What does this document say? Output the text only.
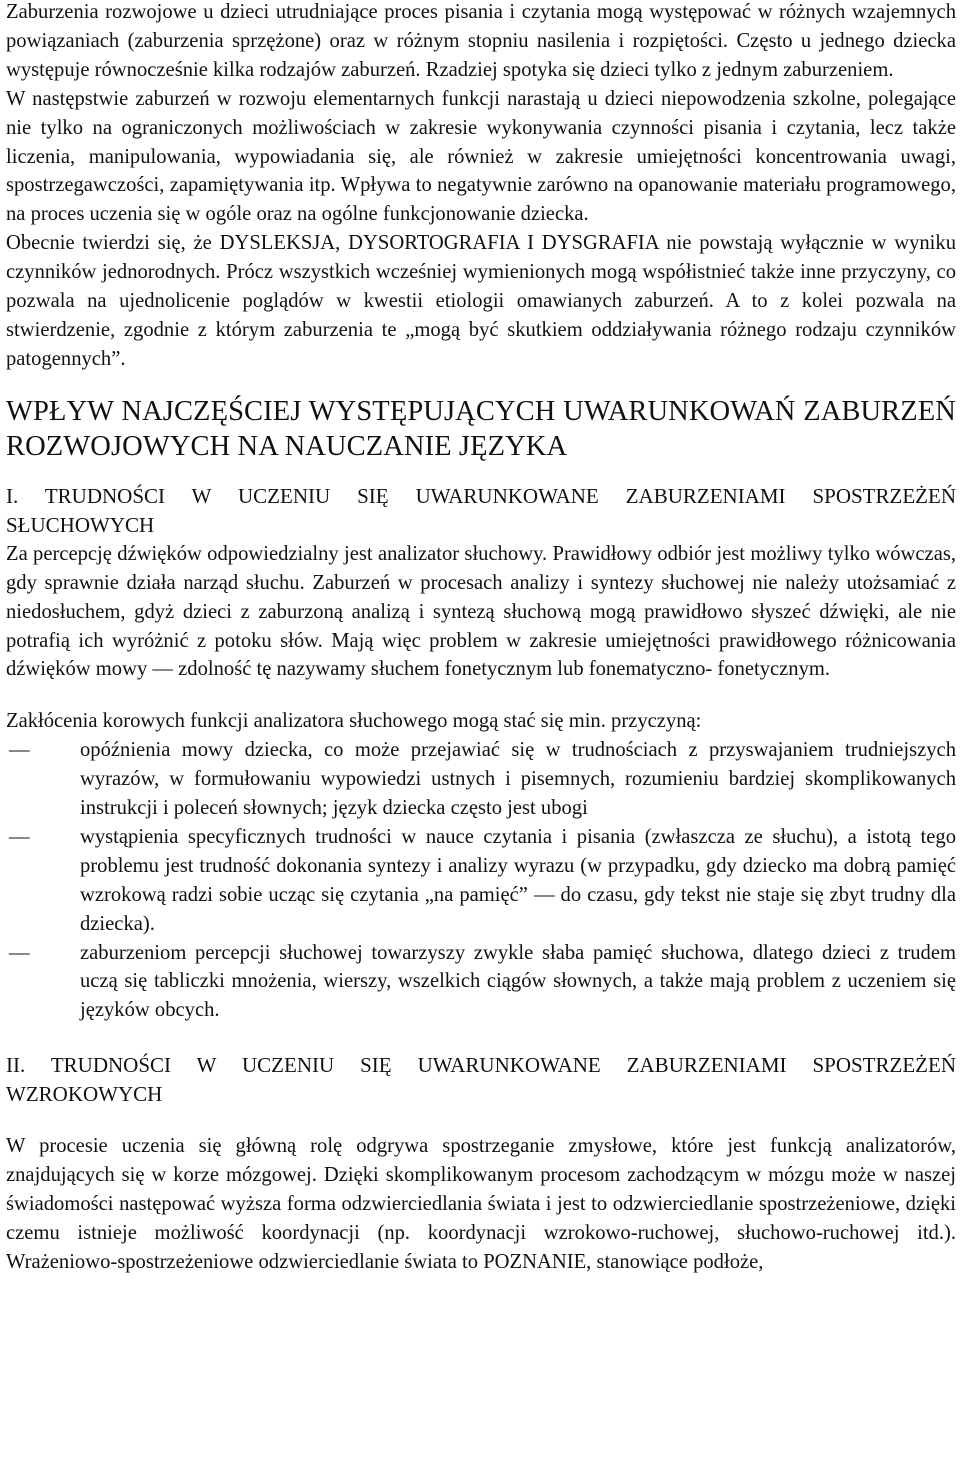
Zaburzenia rozwojowe u dzieci utrudniające proces pisania i czytania mogą występować w różnych wzajemnych powiązaniach (zaburzenia sprzężone) oraz w różnym stopniu nasilenia i rozpiętości. Często u jednego dziecka występuje równocześnie kilka rodzajów zaburzeń. Rzadziej spotyka się dzieci tylko z jednym zaburzeniem.

W następstwie zaburzeń w rozwoju elementarnych funkcji narastają u dzieci niepowodzenia szkolne, polegające nie tylko na ograniczonych możliwościach w zakresie wykonywania czynności pisania i czytania, lecz także liczenia, manipulowania, wypowiadania się, ale również w zakresie umiejętności koncentrowania uwagi, spostrzegawczości, zapamiętywania itp. Wpływa to negatywnie zarówno na opanowanie materiału programowego, na proces uczenia się w ogóle oraz na ogólne funkcjonowanie dziecka.

Obecnie twierdzi się, że DYSLEKSJA, DYSORTOGRAFIA I DYSGRAFIA nie powstają wyłącznie w wyniku czynników jednorodnych. Prócz wszystkich wcześniej wymienionych mogą współistnieć także inne przyczyny, co pozwala na ujednolicenie poglądów w kwestii etiologii omawianych zaburzeń. A to z kolei pozwala na stwierdzenie, zgodnie z którym zaburzenia te „mogą być skutkiem oddziaływania różnego rodzaju czynników patogennych”.

WPŁYW NAJCZĘŚCIEJ WYSTĘPUJĄCYCH UWARUNKOWAŃ ZABURZEŃ ROZWOJOWYCH NA NAUCZANIE JĘZYKA
I. TRUDNOŚCI W UCZENIU SIĘ UWARUNKOWANE ZABURZENIAMI SPOSTRZEŻEŃ SŁUCHOWYCH

Za percepcję dźwięków odpowiedzialny jest analizator słuchowy. Prawidłowy odbiór jest możliwy tylko wówczas, gdy sprawnie działa narząd słuchu. Zaburzeń w procesach analizy i syntezy słuchowej nie należy utożsamiać z niedosłuchem, gdyż dzieci z zaburzoną analizą i syntezą słuchową mogą prawidłowo słyszeć dźwięki, ale nie potrafią ich wyróżnić z potoku słów. Mają więc problem w zakresie umiejętności prawidłowego różnicowania dźwięków mowy — zdolność tę nazywamy słuchem fonetycznym lub fonematyczno- fonetycznym.

Zakłócenia korowych funkcji analizatora słuchowego mogą stać się min. przyczyną:

—	opóźnienia mowy dziecka, co może przejawiać się w trudnościach z przyswajaniem trudniejszych wyrazów, w formułowaniu wypowiedzi ustnych i pisemnych, rozumieniu bardziej skomplikowanych instrukcji i poleceń słownych; język dziecka często jest ubogi
—	wystąpienia specyficznych trudności w nauce czytania i pisania (zwłaszcza ze słuchu), a istotą tego problemu jest trudność dokonania syntezy i analizy wyrazu (w przypadku, gdy dziecko ma dobrą pamięć wzrokową radzi sobie ucząc się czytania „na pamięć” — do czasu, gdy tekst nie staje się zbyt trudny dla dziecka).
—	zaburzeniom percepcji słuchowej towarzyszy zwykle słaba pamięć słuchowa, dlatego dzieci z trudem uczą się tabliczki mnożenia, wierszy, wszelkich ciągów słownych, a także mają problem z uczeniem się języków obcych.
II. TRUDNOŚCI W UCZENIU SIĘ UWARUNKOWANE ZABURZENIAMI SPOSTRZEŻEŃ WZROKOWYCH

W procesie uczenia się główną rolę odgrywa spostrzeganie zmysłowe, które jest funkcją analizatorów, znajdujących się w korze mózgowej. Dzięki skomplikowanym procesom zachodzącym w mózgu może w naszej świadomości następować wyższa forma odzwierciedlania świata i jest to odzwierciedlanie spostrzeżeniowe, dzięki czemu istnieje możliwość koordynacji (np. koordynacji wzrokowo-ruchowej, słuchowo-ruchowej itd.). Wrażeniowo-spostrzeżeniowe odzwierciedlanie świata to POZNANIE, stanowiące podłoże,
